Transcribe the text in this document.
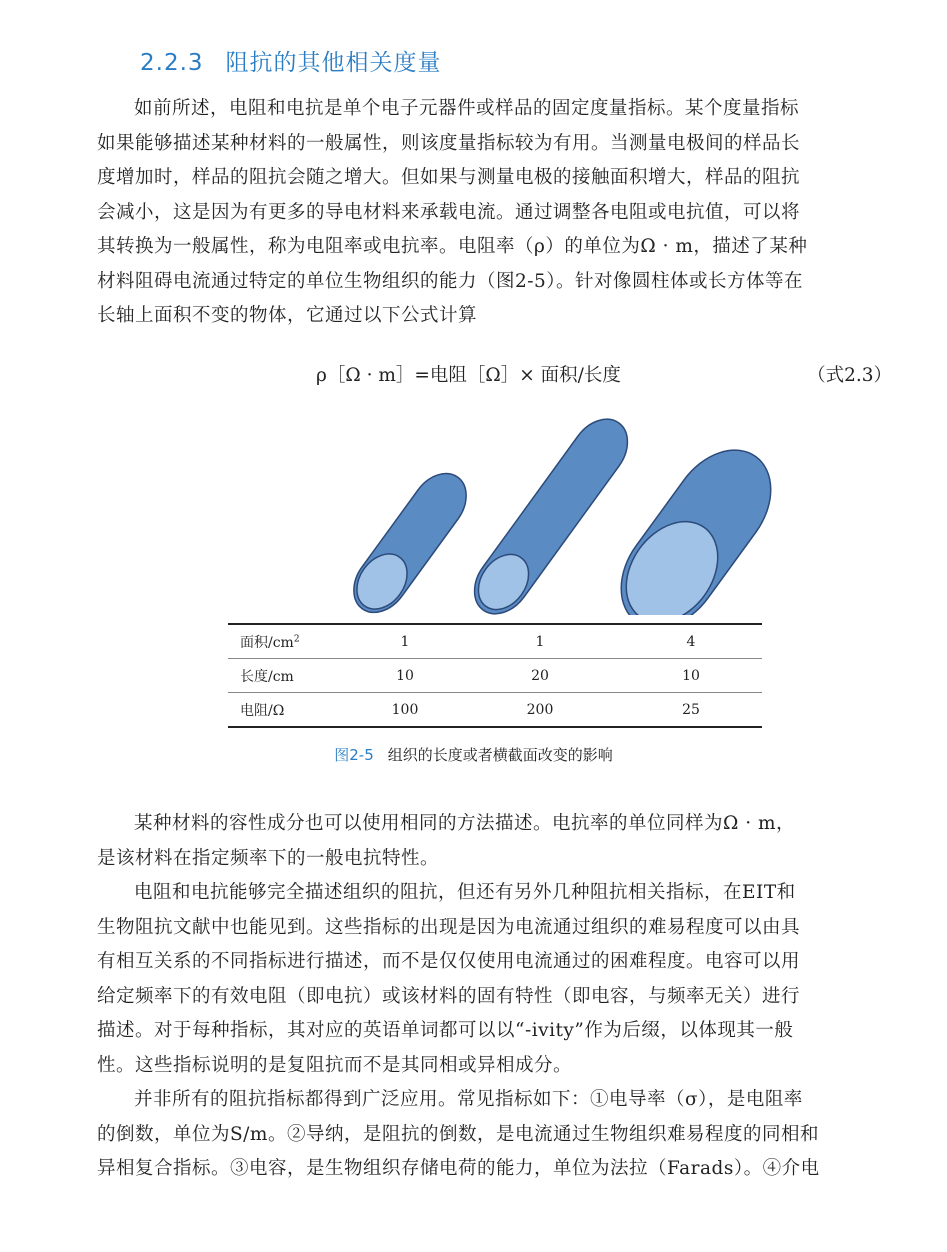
2.2.3 阻抗的其他相关度量

如前所述，电阻和电抗是单个电子元器件或样品的固定度量指标。某个度量指标
如果能够描述某种材料的一般属性，则该度量指标较为有用。当测量电极间的样品长
度增加时，样品的阻抗会随之增大。但如果与测量电极的接触面积增大，样品的阻抗
会减小，这是因为有更多的导电材料来承载电流。通过调整各电阻或电抗值，可以将
其转换为一般属性，称为电阻率或电抗率。电阻率（ρ）的单位为Ω · m，描述了某种
材料阻碍电流通过特定的单位生物组织的能力（图2-5）。针对像圆柱体或长方体等在
长轴上面积不变的物体，它通过以下公式计算

ρ［Ω · m］=电阻［Ω］× 面积/长度	（式2.3）
面积$/cm^2$	1	1	4
长度/cm	10	20	10
电阻/Ω	100	200	25
图2-5 组织的长度或者横截面改变的影响

某种材料的容性成分也可以使用相同的方法描述。电抗率的单位同样为Ω · m，
是该材料在指定频率下的一般电抗特性。

电阻和电抗能够完全描述组织的阻抗，但还有另外几种阻抗相关指标，在EIT和
生物阻抗文献中也能见到。这些指标的出现是因为电流通过组织的难易程度可以由具
有相互关系的不同指标进行描述，而不是仅仅使用电流通过的困难程度。电容可以用
给定频率下的有效电阻（即电抗）或该材料的固有特性（即电容，与频率无关）进行
描述。对于每种指标，其对应的英语单词都可以以“-ivity”作为后缀，以体现其一般
性。这些指标说明的是复阻抗而不是其同相或异相成分。

并非所有的阻抗指标都得到广泛应用。常见指标如下：①电导率（σ），是电阻率
的倒数，单位为S/m。②导纳，是阻抗的倒数，是电流通过生物组织难易程度的同相和
异相复合指标。③电容，是生物组织存储电荷的能力，单位为法拉（Farads）。④介电
